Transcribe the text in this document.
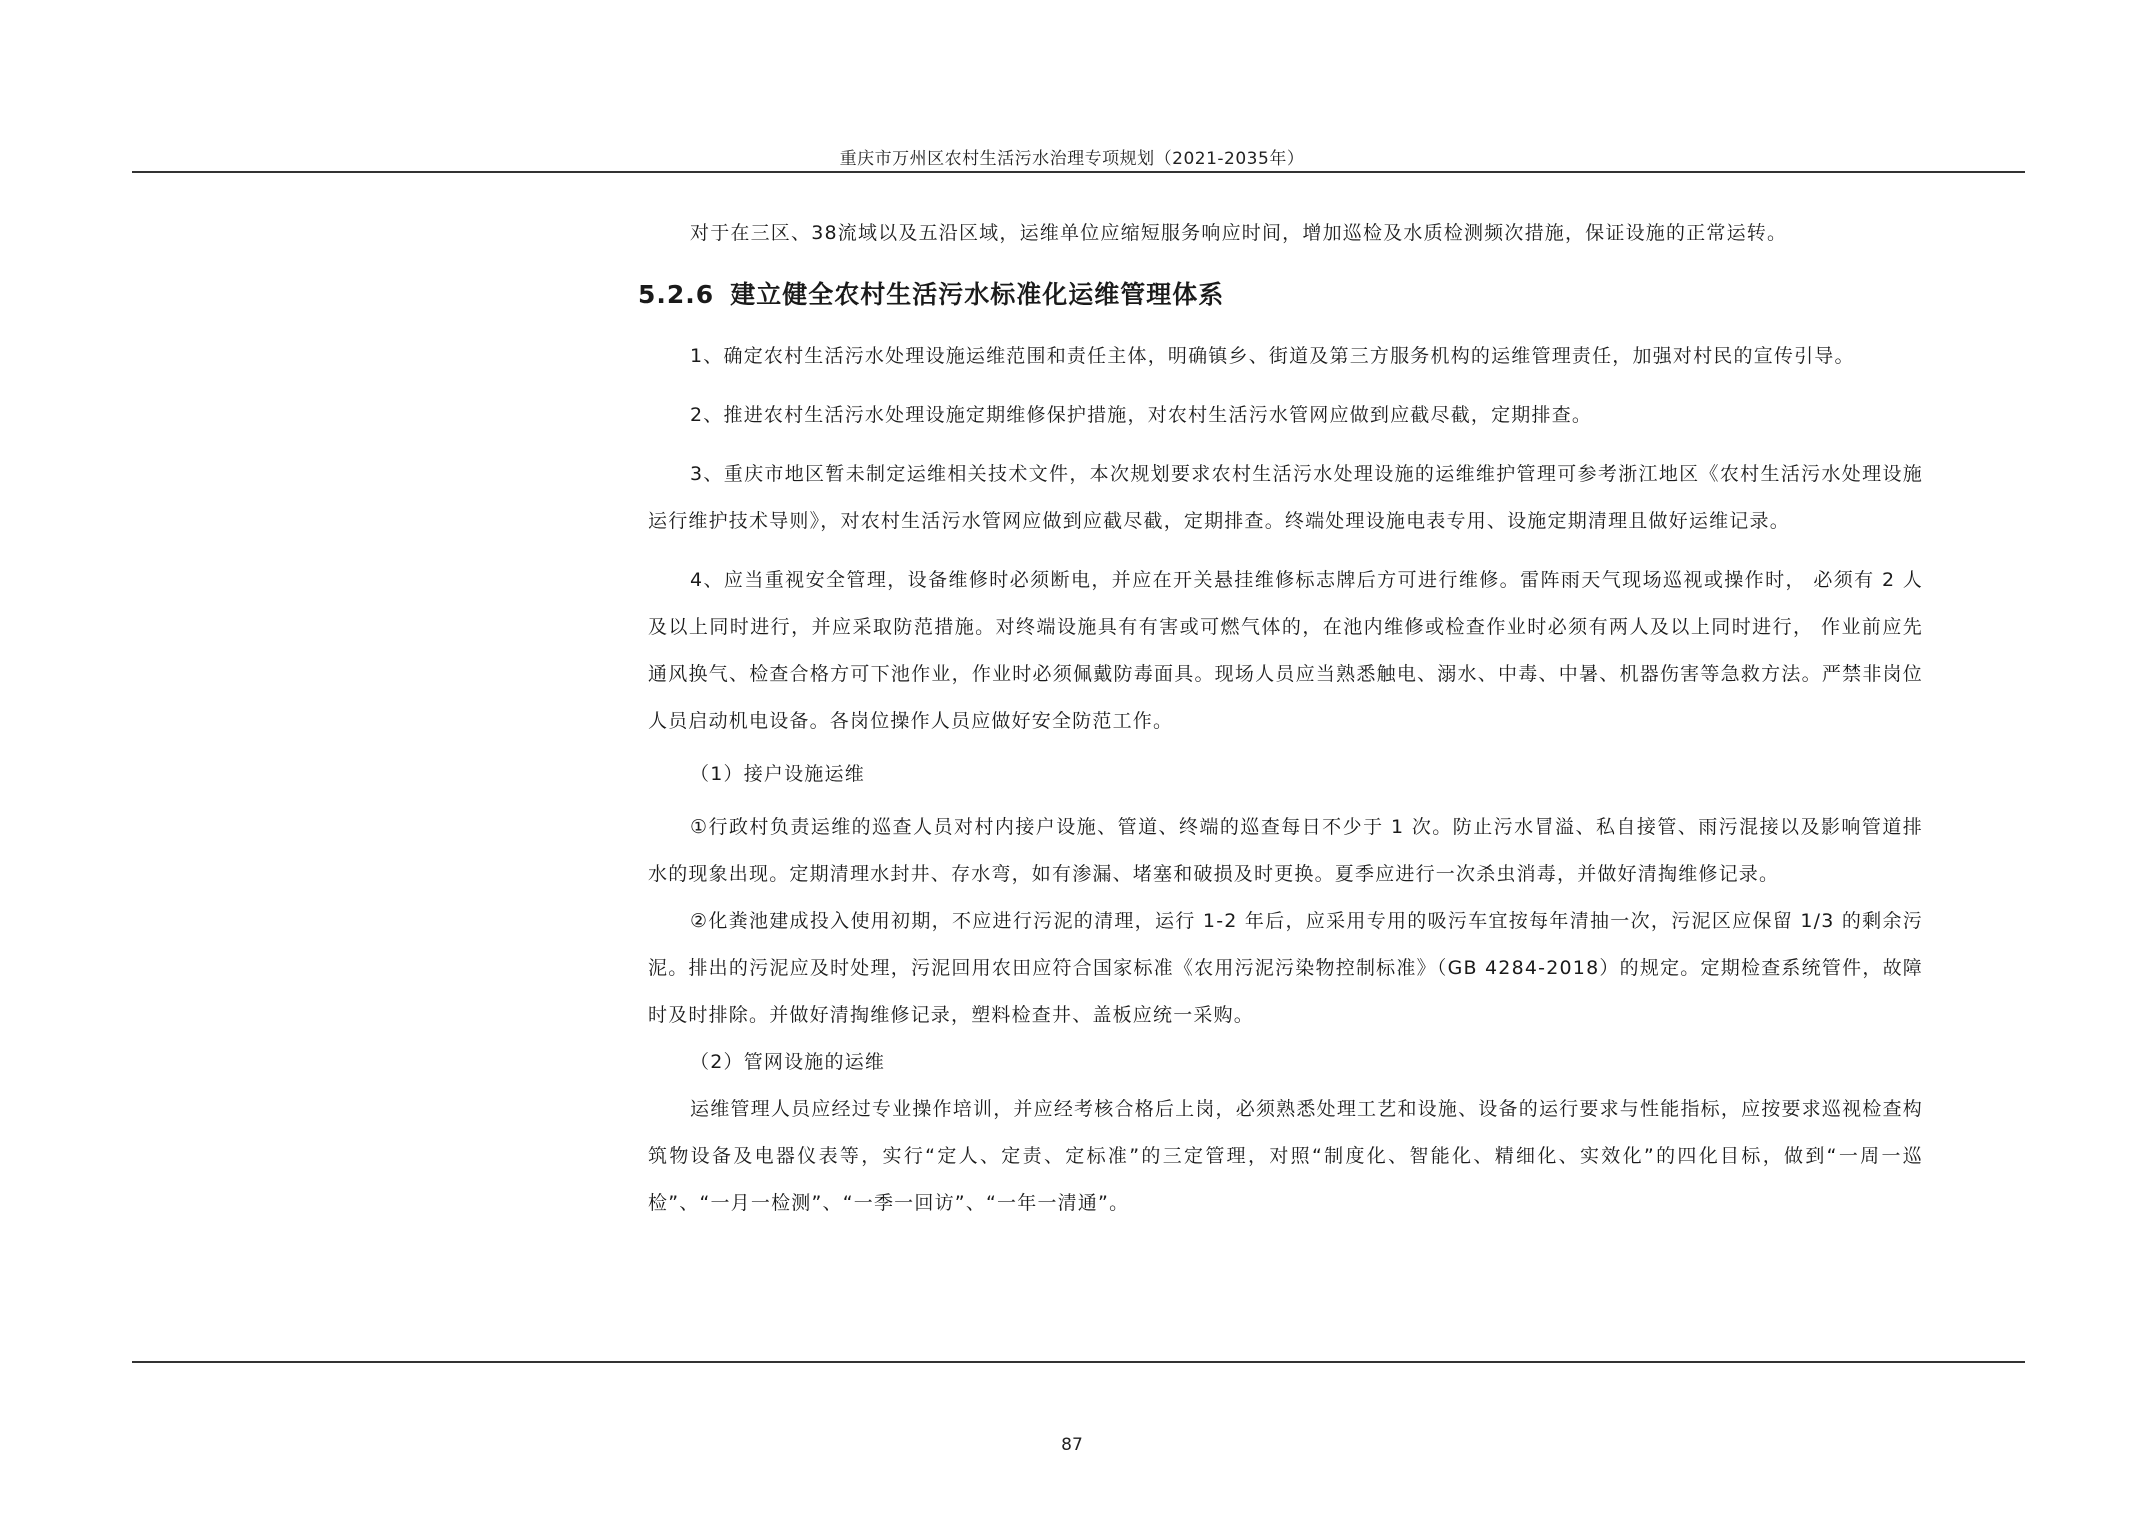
重庆市万州区农村生活污水治理专项规划（2021-2035年）

对于在三区、38流域以及五沿区域，运维单位应缩短服务响应时间，增加巡检及水质检测频次措施，保证设施的正常运转。

5.2.6 建立健全农村生活污水标准化运维管理体系

1、确定农村生活污水处理设施运维范围和责任主体，明确镇乡、街道及第三方服务机构的运维管理责任，加强对村民的宣传引导。

2、推进农村生活污水处理设施定期维修保护措施，对农村生活污水管网应做到应截尽截，定期排查。

3、重庆市地区暂未制定运维相关技术文件，本次规划要求农村生活污水处理设施的运维维护管理可参考浙江地区《农村生活污水处理设施运行维护技术导则》，对农村生活污水管网应做到应截尽截，定期排查。终端处理设施电表专用、设施定期清理且做好运维记录。

4、应当重视安全管理，设备维修时必须断电，并应在开关悬挂维修标志牌后方可进行维修。雷阵雨天气现场巡视或操作时， 必须有 2 人及以上同时进行，并应采取防范措施。对终端设施具有有害或可燃气体的，在池内维修或检查作业时必须有两人及以上同时进行， 作业前应先通风换气、检查合格方可下池作业，作业时必须佩戴防毒面具。现场人员应当熟悉触电、溺水、中毒、中暑、机器伤害等急救方法。严禁非岗位人员启动机电设备。各岗位操作人员应做好安全防范工作。

（1）接户设施运维

①行政村负责运维的巡查人员对村内接户设施、管道、终端的巡查每日不少于 1 次。防止污水冒溢、私自接管、雨污混接以及影响管道排水的现象出现。定期清理水封井、存水弯，如有渗漏、堵塞和破损及时更换。夏季应进行一次杀虫消毒，并做好清掏维修记录。

②化粪池建成投入使用初期，不应进行污泥的清理，运行 1-2 年后，应采用专用的吸污车宜按每年清抽一次，污泥区应保留 1/3 的剩余污泥。排出的污泥应及时处理，污泥回用农田应符合国家标准《农用污泥污染物控制标准》（GB 4284-2018）的规定。定期检查系统管件，故障时及时排除。并做好清掏维修记录，塑料检查井、盖板应统一采购。

（2）管网设施的运维

运维管理人员应经过专业操作培训，并应经考核合格后上岗，必须熟悉处理工艺和设施、设备的运行要求与性能指标，应按要求巡视检查构筑物设备及电器仪表等，实行“定人、定责、定标准”的三定管理，对照“制度化、智能化、精细化、实效化”的四化目标，做到“一周一巡检”、“一月一检测”、“一季一回访”、“一年一清通”。

87
